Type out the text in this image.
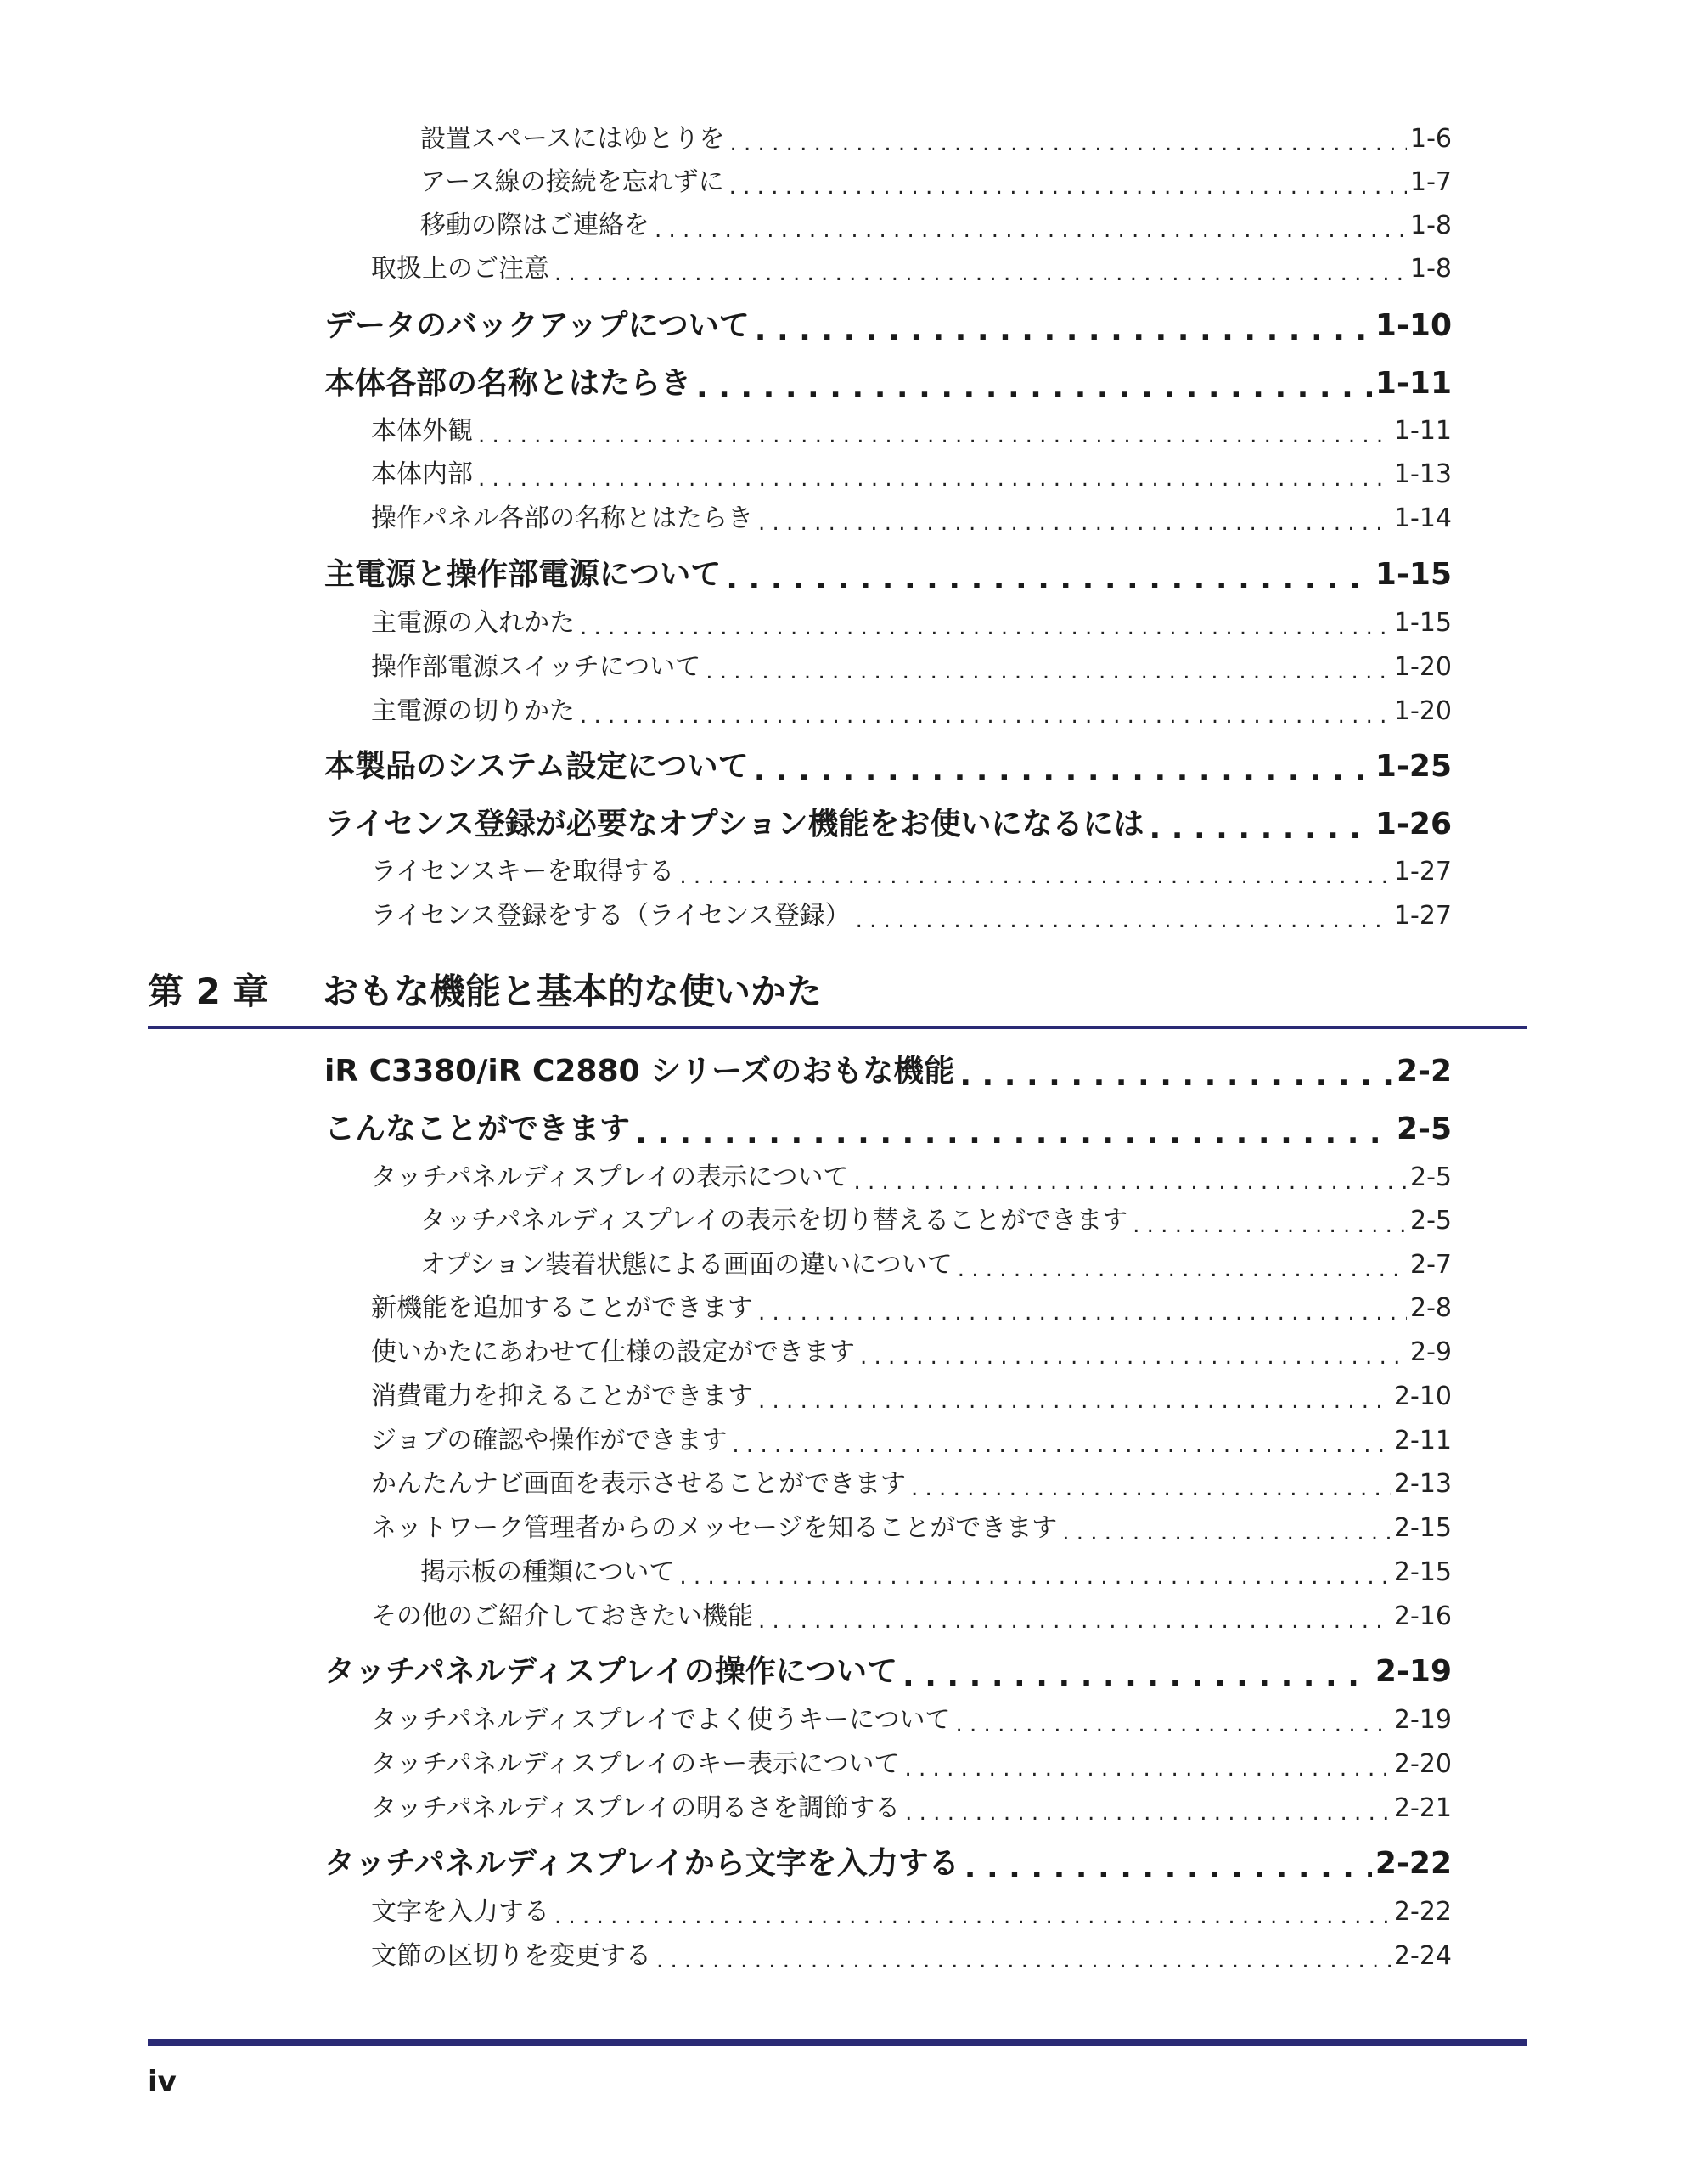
設置スペースにはゆとりを . . .	1-6
アース線の接続を忘れずに . . .	1-7
移動の際はご連絡を . . .	1-8
取扱上のご注意 . . .	1-8
データのバックアップについて . . .	1-10
本体各部の名称とはたらき . . .	1-11
本体外観 . . .	1-11
本体内部 . . .	1-13
操作パネル各部の名称とはたらき . . .	1-14
主電源と操作部電源について . . .	1-15
主電源の入れかた . . .	1-15
操作部電源スイッチについて . . .	1-20
主電源の切りかた . . .	1-20
本製品のシステム設定について . . .	1-25
ライセンス登録が必要なオプション機能をお使いになるには . . .	1-26
ライセンスキーを取得する . . .	1-27
ライセンス登録をする（ライセンス登録） . . .	1-27
第 2 章 おもな機能と基本的な使いかた
iR C3380/iR C2880 シリーズのおもな機能 . . .	2-2
こんなことができます . . .	2-5
タッチパネルディスプレイの表示について . . .	2-5
タッチパネルディスプレイの表示を切り替えることができます . . .	2-5
オプション装着状態による画面の違いについて . . .	2-7
新機能を追加することができます . . .	2-8
使いかたにあわせて仕様の設定ができます . . .	2-9
消費電力を抑えることができます . . .	2-10
ジョブの確認や操作ができます . . .	2-11
かんたんナビ画面を表示させることができます . . .	2-13
ネットワーク管理者からのメッセージを知ることができます . . .	2-15
掲示板の種類について . . .	2-15
その他のご紹介しておきたい機能 . . .	2-16
タッチパネルディスプレイの操作について . . .	2-19
タッチパネルディスプレイでよく使うキーについて . . .	2-19
タッチパネルディスプレイのキー表示について . . .	2-20
タッチパネルディスプレイの明るさを調節する . . .	2-21
タッチパネルディスプレイから文字を入力する . . .	2-22
文字を入力する . . .	2-22
文節の区切りを変更する . . .	2-24
iv
